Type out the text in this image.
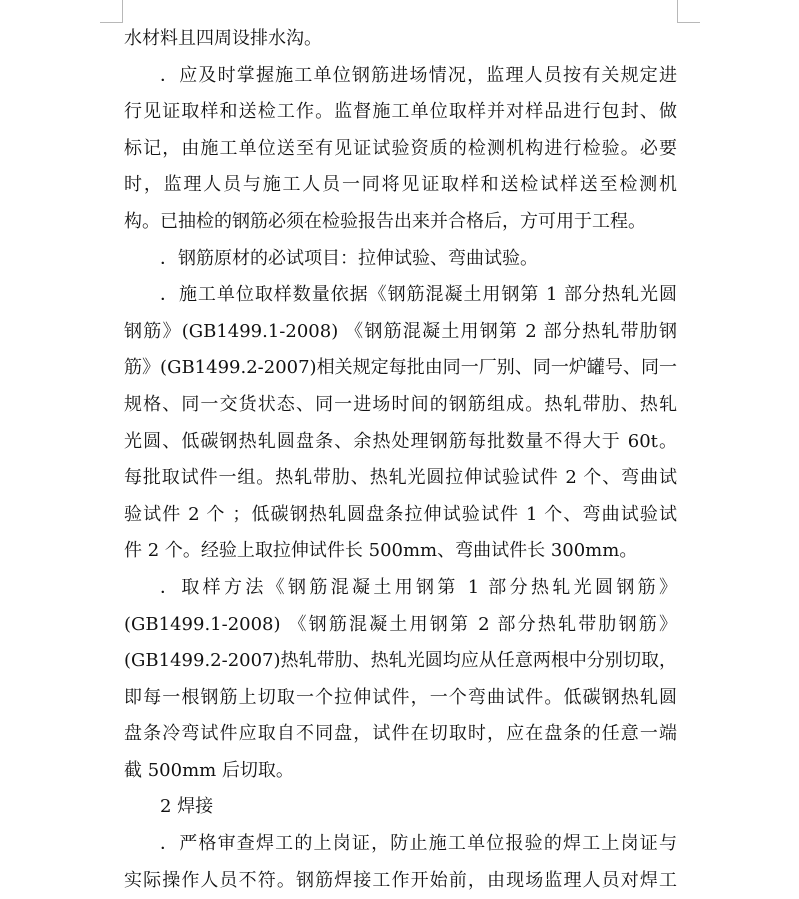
水材料且四周设排水沟。
．应及时掌握施工单位钢筋进场情况，监理人员按有关规定进
行见证取样和送检工作。监督施工单位取样并对样品进行包封、做
标记，由施工单位送至有见证试验资质的检测机构进行检验。必要
时，监理人员与施工人员一同将见证取样和送检试样送至检测机
构。已抽检的钢筋必须在检验报告出来并合格后，方可用于工程。
．钢筋原材的必试项目：拉伸试验、弯曲试验。
．施工单位取样数量依据《钢筋混凝土用钢第 1 部分热轧光圆
钢筋》(GB1499.1-2008) 《钢筋混凝土用钢第 2 部分热轧带肋钢
筋》(GB1499.2-2007)相关规定每批由同一厂别、同一炉罐号、同一
规格、同一交货状态、同一进场时间的钢筋组成。热轧带肋、热轧
光圆、低碳钢热轧圆盘条、余热处理钢筋每批数量不得大于 60t。
每批取试件一组。热轧带肋、热轧光圆拉伸试验试件 2 个、弯曲试
验试件 2 个 ；低碳钢热轧圆盘条拉伸试验试件 1 个、弯曲试验试
件 2 个。经验上取拉伸试件长 500mm、弯曲试件长 300mm。
．取样方法《钢筋混凝土用钢第 1 部分热轧光圆钢筋》
(GB1499.1-2008) 《钢筋混凝土用钢第 2 部分热轧带肋钢筋》
(GB1499.2-2007)热轧带肋、热轧光圆均应从任意两根中分别切取，
即每一根钢筋上切取一个拉伸试件，一个弯曲试件。低碳钢热轧圆
盘条冷弯试件应取自不同盘，试件在切取时，应在盘条的任意一端
截 500mm 后切取。
2 焊接
．严格审查焊工的上岗证，防止施工单位报验的焊工上岗证与
实际操作人员不符。钢筋焊接工作开始前，由现场监理人员对焊工
